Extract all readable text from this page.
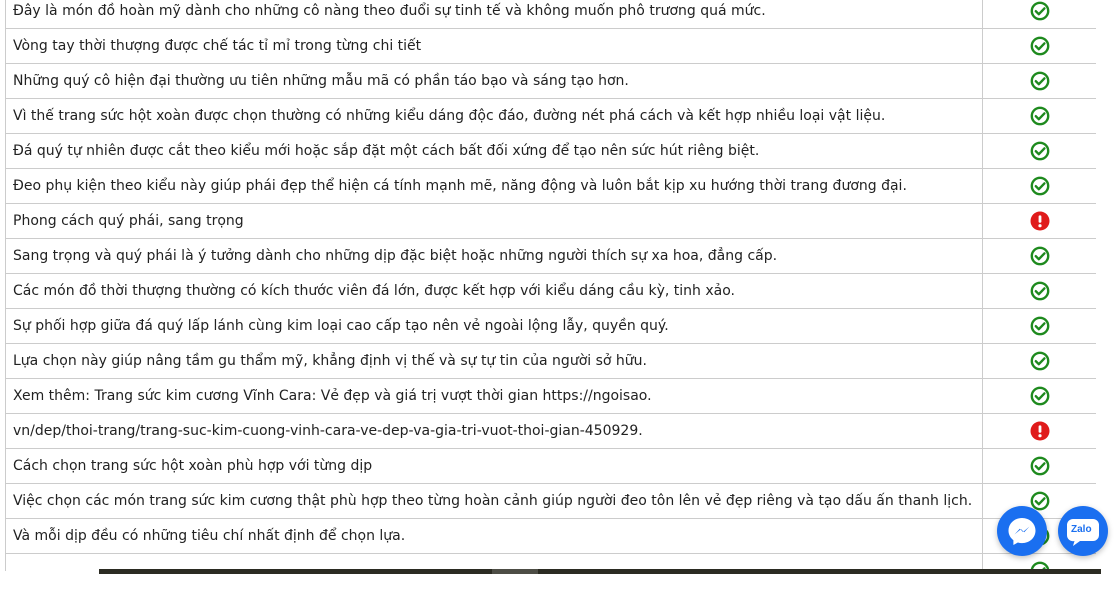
Đây là món đồ hoàn mỹ dành cho những cô nàng theo đuổi sự tinh tế và không muốn phô trương quá mức.	
Vòng tay thời thượng được chế tác tỉ mỉ trong từng chi tiết	
Những quý cô hiện đại thường ưu tiên những mẫu mã có phần táo bạo và sáng tạo hơn.	
Vì thế trang sức hột xoàn được chọn thường có những kiểu dáng độc đáo, đường nét phá cách và kết hợp nhiều loại vật liệu.	
Đá quý tự nhiên được cắt theo kiểu mới hoặc sắp đặt một cách bất đối xứng để tạo nên sức hút riêng biệt.	
Đeo phụ kiện theo kiểu này giúp phái đẹp thể hiện cá tính mạnh mẽ, năng động và luôn bắt kịp xu hướng thời trang đương đại.	
Phong cách quý phái, sang trọng	
Sang trọng và quý phái là ý tưởng dành cho những dịp đặc biệt hoặc những người thích sự xa hoa, đẳng cấp.	
Các món đồ thời thượng thường có kích thước viên đá lớn, được kết hợp với kiểu dáng cầu kỳ, tinh xảo.	
Sự phối hợp giữa đá quý lấp lánh cùng kim loại cao cấp tạo nên vẻ ngoài lộng lẫy, quyền quý.	
Lựa chọn này giúp nâng tầm gu thẩm mỹ, khẳng định vị thế và sự tự tin của người sở hữu.	
Xem thêm: Trang sức kim cương Vĩnh Cara: Vẻ đẹp và giá trị vượt thời gian https://ngoisao.	
vn/dep/thoi-trang/trang-suc-kim-cuong-vinh-cara-ve-dep-va-gia-tri-vuot-thoi-gian-450929.	
Cách chọn trang sức hột xoàn phù hợp với từng dịp	
Việc chọn các món trang sức kim cương thật phù hợp theo từng hoàn cảnh giúp người đeo tôn lên vẻ đẹp riêng và tạo dấu ấn thanh lịch.	
Và mỗi dịp đều có những tiêu chí nhất định để chọn lựa.	
		Zalo
